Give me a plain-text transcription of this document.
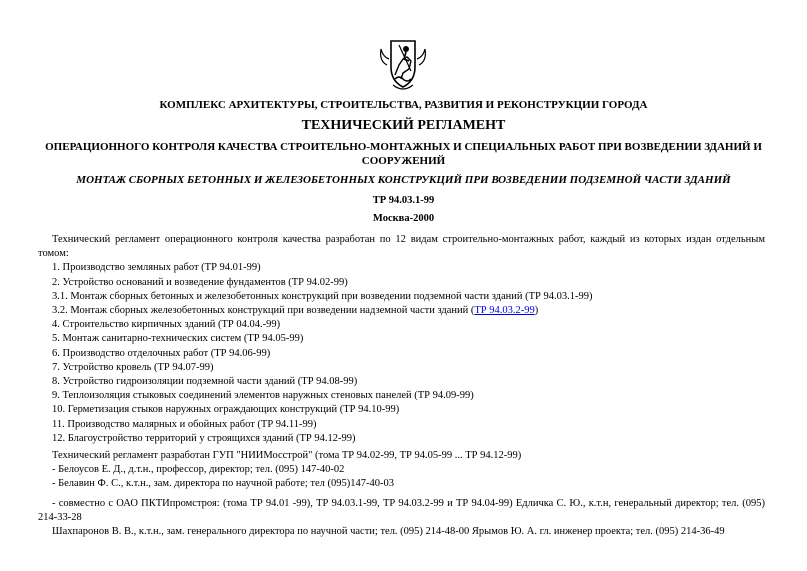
КОМПЛЕКС АРХИТЕКТУРЫ, СТРОИТЕЛЬСТВА, РАЗВИТИЯ И РЕКОНСТРУКЦИИ ГОРОДА
ТЕХНИЧЕСКИЙ РЕГЛАМЕНТ
ОПЕРАЦИОННОГО КОНТРОЛЯ КАЧЕСТВА СТРОИТЕЛЬНО-МОНТАЖНЫХ И СПЕЦИАЛЬНЫХ РАБОТ ПРИ ВОЗВЕДЕНИИ ЗДАНИЙ И СООРУЖЕНИЙ
МОНТАЖ СБОРНЫХ БЕТОННЫХ И ЖЕЛЕЗОБЕТОННЫХ КОНСТРУКЦИЙ ПРИ ВОЗВЕДЕНИИ ПОДЗЕМНОЙ ЧАСТИ ЗДАНИЙ
ТР 94.03.1-99
Москва-2000

Технический регламент операционного контроля качества разработан по 12 видам строительно-монтажных работ, каждый из которых издан отдельным томом:

1. Производство земляных работ (ТР 94.01-99)
2. Устройство оснований и возведение фундаментов (ТР 94.02-99)
3.1. Монтаж сборных бетонных и железобетонных конструкций при возведении подземной части зданий (ТР 94.03.1-99)
3.2. Монтаж сборных железобетонных конструкций при возведении надземной части зданий (ТР 94.03.2-99)
4. Строительство кирпичных зданий (ТР 04.04.-99)
5. Монтаж санитарно-технических систем (ТР 94.05-99)
6. Производство отделочных работ (ТР 94.06-99)
7. Устройство кровель (ТР 94.07-99)
8. Устройство гидроизоляции подземной части зданий (ТР 94.08-99)
9. Теплоизоляция стыковых соединений элементов наружных стеновых панелей (ТР 94.09-99)
10. Герметизация стыков наружных ограждающих конструкций (ТР 94.10-99)
11. Производство малярных и обойных работ (ТР 94.11-99)
12. Благоустройство территорий у строящихся зданий (ТР 94.12-99)

Технический регламент разработан ГУП "НИИМосстрой" (тома ТР 94.02-99, ТР 94.05-99 ... ТР 94.12-99)

- Белоусов Е. Д., д.т.н., профессор, директор; тел. (095) 147-40-02

- Белавин Ф. С., к.т.н., зам. директора по научной работе; тел (095)147-40-03

- совместно с ОАО ПКТИпромстроя: (тома ТР 94.01 -99), ТР 94.03.1-99, ТР 94.03.2-99 и ТР 94.04-99) Едличка С. Ю., к.т.н, генеральный директор; тел. (095) 214-33-28

Шахпаронов В. В., к.т.н., зам. генерального директора по научной части; тел. (095) 214-48-00 Ярымов Ю. А. гл. инженер проекта; тел. (095) 214-36-49
